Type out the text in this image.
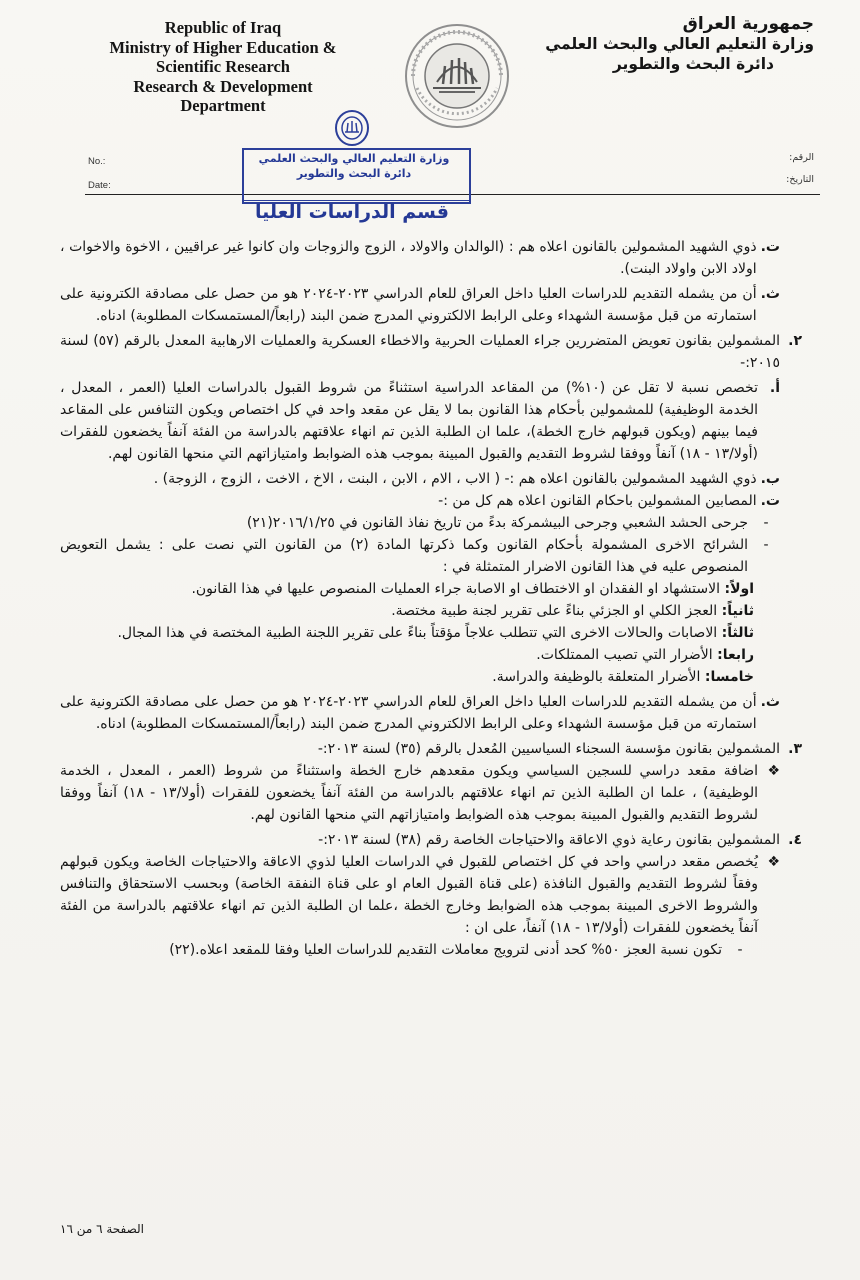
Republic of Iraq
Ministry of Higher Education &
Scientific Research
Research & Development
Department
جمهورية العراق
وزارة التعليم العالي والبحث العلمي
دائرة البحث والتطوير
No.:
Date:
الرقم:
التاريخ:
وزارة التعليم العالي والبحث العلمي
دائرة البحث والتطوير
قسم الدراسات العليا
ت.
ذوي الشهيد المشمولين بالقانون اعلاه هم : (الوالدان والاولاد ، الزوج والزوجات وان كانوا غير عراقيين ، الاخوة والاخوات ، اولاد الابن واولاد البنت).
ث.
أن من يشمله التقديم للدراسات العليا داخل العراق للعام الدراسي ٢٠٢٣-٢٠٢٤ هو من حصل على مصادقة الكترونية على استمارته من قبل مؤسسة الشهداء وعلى الرابط الالكتروني المدرج ضمن البند (رابعاً/المستمسكات المطلوبة) ادناه.
٢.
المشمولين بقانون تعويض المتضررين جراء العمليات الحربية والاخطاء العسكرية والعمليات الارهابية المعدل بالرقم (٥٧) لسنة ٢٠١٥:-
أ.
تخصص نسبة لا تقل عن (١٠%) من المقاعد الدراسية استثناءً من شروط القبول بالدراسات العليا (العمر ، المعدل ، الخدمة الوظيفية) للمشمولين بأحكام هذا القانون بما لا يقل عن مقعد واحد في كل اختصاص ويكون التنافس على المقاعد فيما بينهم (ويكون قبولهم خارج الخطة)، علما ان الطلبة الذين تم انهاء علاقتهم بالدراسة من الفئة آنفاً يخضعون للفقرات (أولا/١٣ - ١٨) آنفاً ووفقا لشروط التقديم والقبول المبينة بموجب هذه الضوابط وامتيازاتهم التي منحها القانون لهم.
ب.
ذوي الشهيد المشمولين بالقانون اعلاه هم :- ( الاب ، الام ، الابن ، البنت ، الاخ ، الاخت ، الزوج ، الزوجة) .
ت.
المصابين المشمولين باحكام القانون اعلاه هم كل من :-
-
جرحى الحشد الشعبي وجرحى البيشمركة بدءً من تاريخ نفاذ القانون في ٢٠١٦/١/٢٥(٢١)
-
الشرائح الاخرى المشمولة بأحكام القانون وكما ذكرتها المادة (٢) من القانون التي نصت على : يشمل التعويض المنصوص عليه في هذا القانون الاضرار المتمثلة في :
اولاً: الاستشهاد او الفقدان او الاختطاف او الاصابة جراء العمليات المنصوص عليها في هذا القانون.
ثانياً: العجز الكلي او الجزئي بناءً على تقرير لجنة طبية مختصة.
ثالثاً: الاصابات والحالات الاخرى التي تتطلب علاجاً مؤقتاً بناءً على تقرير اللجنة الطبية المختصة في هذا المجال.
رابعا: الأضرار التي تصيب الممتلكات.
خامسا: الأضرار المتعلقة بالوظيفة والدراسة.
ث.
أن من يشمله التقديم للدراسات العليا داخل العراق للعام الدراسي ٢٠٢٣-٢٠٢٤ هو من حصل على مصادقة الكترونية على استمارته من قبل مؤسسة الشهداء وعلى الرابط الالكتروني المدرج ضمن البند (رابعاً/المستمسكات المطلوبة) ادناه.
٣.
المشمولين بقانون مؤسسة السجناء السياسيين المُعدل بالرقم (٣٥) لسنة ٢٠١٣:-
❖
اضافة مقعد دراسي للسجين السياسي ويكون مقعدهم خارج الخطة واستثناءً من شروط (العمر ، المعدل ، الخدمة الوظيفية) ، علما ان الطلبة الذين تم انهاء علاقتهم بالدراسة من الفئة آنفاً يخضعون للفقرات (أولا/١٣ - ١٨) آنفاً ووفقا لشروط التقديم والقبول المبينة بموجب هذه الضوابط وامتيازاتهم التي منحها القانون لهم.
٤.
المشمولين بقانون رعاية ذوي الاعاقة والاحتياجات الخاصة رقم (٣٨) لسنة ٢٠١٣:-
❖
يُخصص مقعد دراسي واحد في كل اختصاص للقبول في الدراسات العليا لذوي الاعاقة والاحتياجات الخاصة ويكون قبولهم وفقاً لشروط التقديم والقبول النافذة (على قناة القبول العام او على قناة النفقة الخاصة) وبحسب الاستحقاق والتنافس والشروط الاخرى المبينة بموجب هذه الضوابط وخارج الخطة ،علما ان الطلبة الذين تم انهاء علاقتهم بالدراسة من الفئة آنفاً يخضعون للفقرات (أولا/١٣ - ١٨) آنفاً، على ان :
-
تكون نسبة العجز ٥٠% كحد أدنى لترويج معاملات التقديم للدراسات العليا وفقا للمقعد اعلاه.(٢٢)
الصفحة ٦ من ١٦
